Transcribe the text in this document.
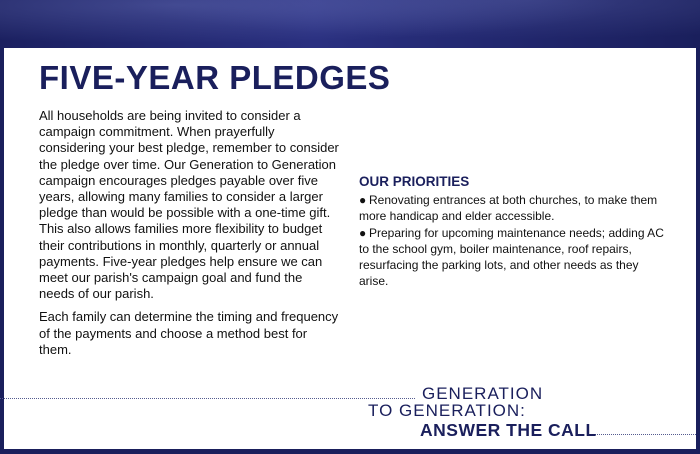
FIVE-YEAR PLEDGES

All households are being invited to consider a campaign commitment. When prayerfully considering your best pledge, remember to consider the pledge over time. Our Generation to Generation campaign encourages pledges payable over five years, allowing many families to consider a larger pledge than would be possible with a one-time gift. This also allows families more flexibility to budget their contributions in monthly, quarterly or annual payments. Five-year pledges help ensure we can meet our parish's campaign goal and fund the needs of our parish.

Each family can determine the timing and frequency of the payments and choose a method best for them.

OUR PRIORITIES
● Renovating entrances at both churches, to make them more handicap and elder accessible.
● Preparing for upcoming maintenance needs; adding AC to the school gym, boiler maintenance, roof repairs, resurfacing the parking lots, and other needs as they arise.
GENERATION
TO GENERATION:
ANSWER THE CALL
